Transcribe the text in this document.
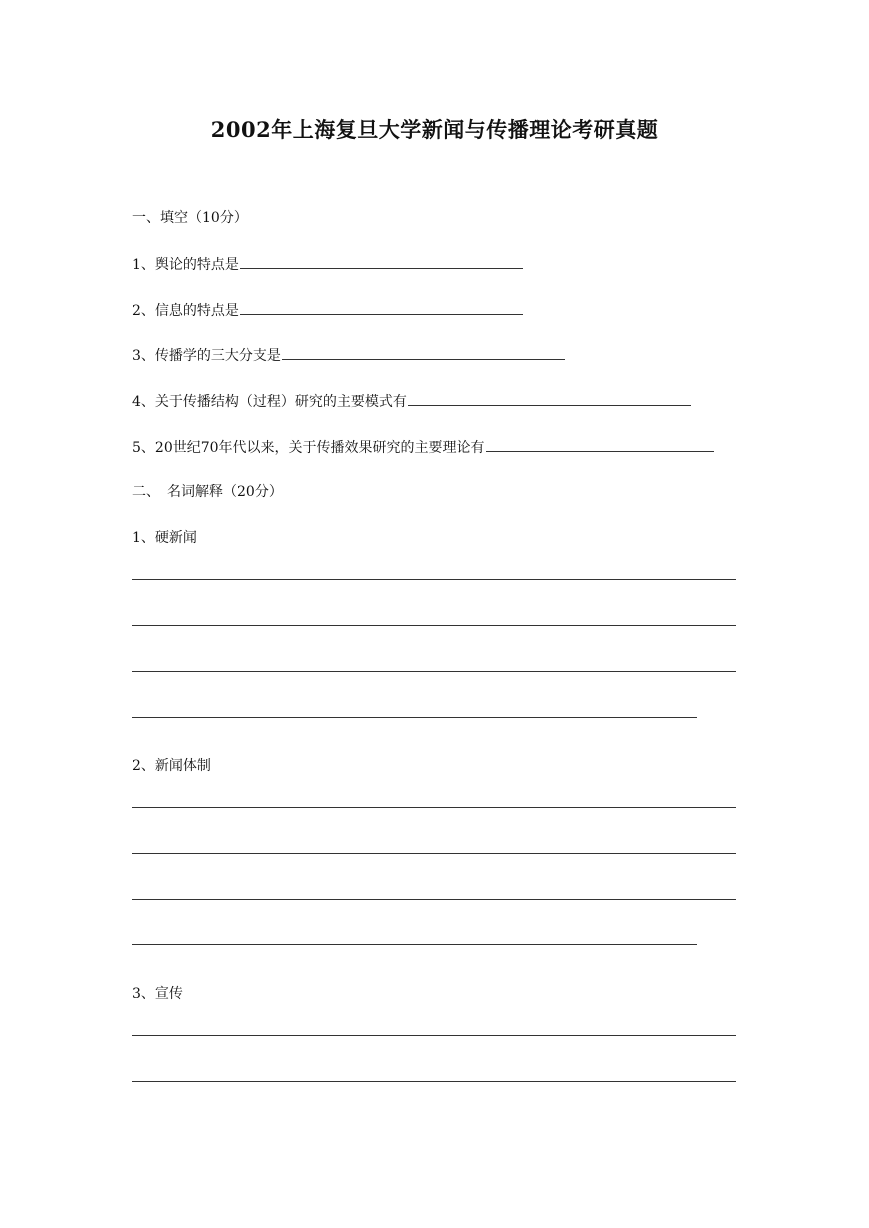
2002年上海复旦大学新闻与传播理论考研真题
一、填空（10分）
1、舆论的特点是
2、信息的特点是
3、传播学的三大分支是
4、关于传播结构（过程）研究的主要模式有
5、20世纪70年代以来，关于传播效果研究的主要理论有
二、　名词解释（20分）
1、硬新闻
2、新闻体制
3、宣传
